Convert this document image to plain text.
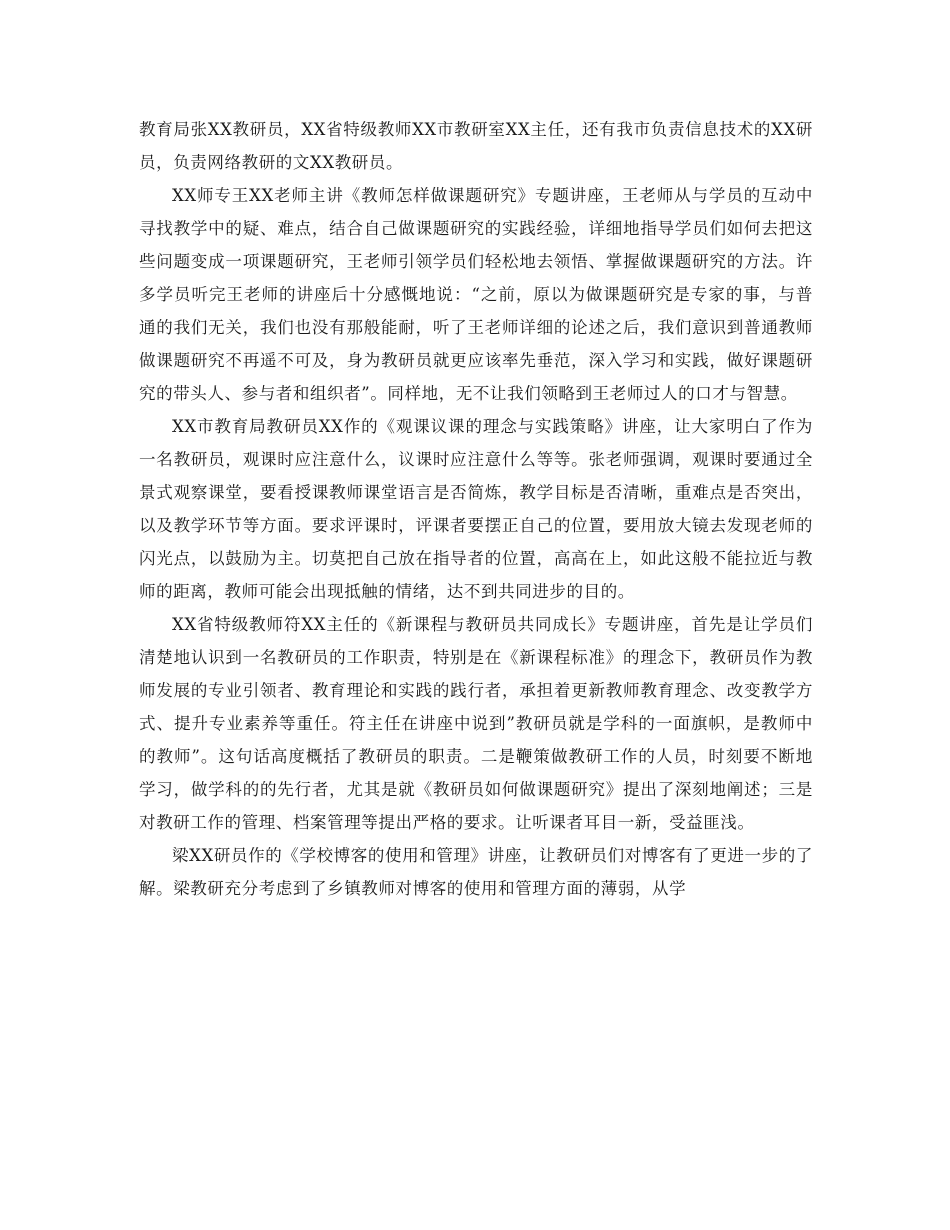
教育局张XX教研员，XX省特级教师XX市教研室XX主任，还有我市负责信息技术的XX研员，负责网络教研的文XX教研员。

XX师专王XX老师主讲《教师怎样做课题研究》专题讲座，王老师从与学员的互动中寻找教学中的疑、难点，结合自己做课题研究的实践经验，详细地指导学员们如何去把这些问题变成一项课题研究，王老师引领学员们轻松地去领悟、掌握做课题研究的方法。许多学员听完王老师的讲座后十分感慨地说：“之前，原以为做课题研究是专家的事，与普通的我们无关，我们也没有那般能耐，听了王老师详细的论述之后，我们意识到普通教师做课题研究不再遥不可及，身为教研员就更应该率先垂范，深入学习和实践，做好课题研究的带头人、参与者和组织者”。同样地，无不让我们领略到王老师过人的口才与智慧。

XX市教育局教研员XX作的《观课议课的理念与实践策略》讲座，让大家明白了作为一名教研员，观课时应注意什么，议课时应注意什么等等。张老师强调，观课时要通过全景式观察课堂，要看授课教师课堂语言是否简炼，教学目标是否清晰，重难点是否突出，以及教学环节等方面。要求评课时，评课者要摆正自己的位置，要用放大镜去发现老师的闪光点，以鼓励为主。切莫把自己放在指导者的位置，高高在上，如此这般不能拉近与教师的距离，教师可能会出现抵触的情绪，达不到共同进步的目的。

XX省特级教师符XX主任的《新课程与教研员共同成长》专题讲座，首先是让学员们清楚地认识到一名教研员的工作职责，特别是在《新课程标准》的理念下，教研员作为教师发展的专业引领者、教育理论和实践的践行者，承担着更新教师教育理念、改变教学方式、提升专业素养等重任。符主任在讲座中说到”教研员就是学科的一面旗帜，是教师中的教师”。这句话高度概括了教研员的职责。二是鞭策做教研工作的人员，时刻要不断地学习，做学科的的先行者，尤其是就《教研员如何做课题研究》提出了深刻地阐述；三是对教研工作的管理、档案管理等提出严格的要求。让听课者耳目一新，受益匪浅。

梁XX研员作的《学校博客的使用和管理》讲座，让教研员们对博客有了更进一步的了解。梁教研充分考虑到了乡镇教师对博客的使用和管理方面的薄弱，从学
